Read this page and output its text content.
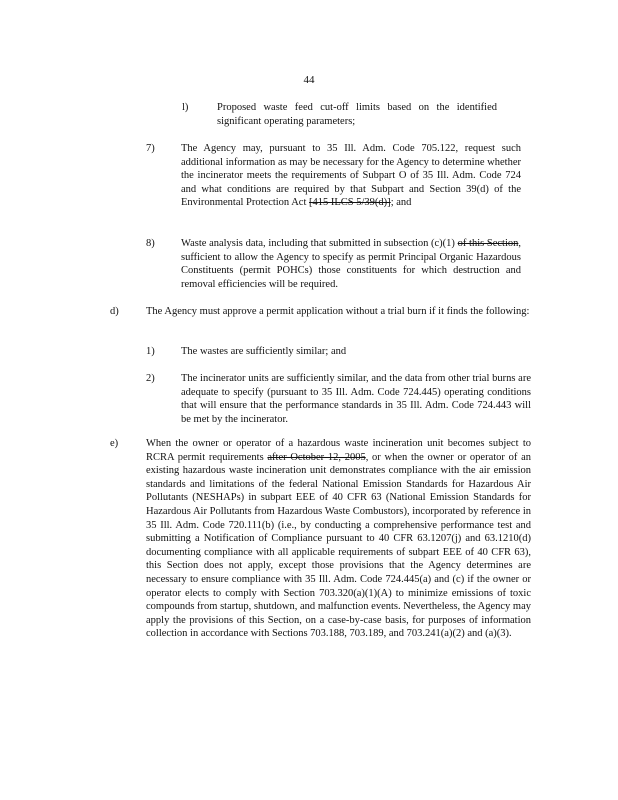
44
l)	Proposed waste feed cut-off limits based on the identified significant operating parameters;
7)	The Agency may, pursuant to 35 Ill. Adm. Code 705.122, request such additional information as may be necessary for the Agency to determine whether the incinerator meets the requirements of Subpart O of 35 Ill. Adm. Code 724 and what conditions are required by that Subpart and Section 39(d) of the Environmental Protection Act [415 ILCS 5/39(d)]; and
8)	Waste analysis data, including that submitted in subsection (c)(1) of this Section, sufficient to allow the Agency to specify as permit Principal Organic Hazardous Constituents (permit POHCs) those constituents for which destruction and removal efficiencies will be required.
d)	The Agency must approve a permit application without a trial burn if it finds the following:
1)	The wastes are sufficiently similar; and
2)	The incinerator units are sufficiently similar, and the data from other trial burns are adequate to specify (pursuant to 35 Ill. Adm. Code 724.445) operating conditions that will ensure that the performance standards in 35 Ill. Adm. Code 724.443 will be met by the incinerator.
e)	When the owner or operator of a hazardous waste incineration unit becomes subject to RCRA permit requirements after October 12, 2005, or when the owner or operator of an existing hazardous waste incineration unit demonstrates compliance with the air emission standards and limitations of the federal National Emission Standards for Hazardous Air Pollutants (NESHAPs) in subpart EEE of 40 CFR 63 (National Emission Standards for Hazardous Air Pollutants from Hazardous Waste Combustors), incorporated by reference in 35 Ill. Adm. Code 720.111(b) (i.e., by conducting a comprehensive performance test and submitting a Notification of Compliance pursuant to 40 CFR 63.1207(j) and 63.1210(d) documenting compliance with all applicable requirements of subpart EEE of 40 CFR 63), this Section does not apply, except those provisions that the Agency determines are necessary to ensure compliance with 35 Ill. Adm. Code 724.445(a) and (c) if the owner or operator elects to comply with Section 703.320(a)(1)(A) to minimize emissions of toxic compounds from startup, shutdown, and malfunction events. Nevertheless, the Agency may apply the provisions of this Section, on a case-by-case basis, for purposes of information collection in accordance with Sections 703.188, 703.189, and 703.241(a)(2) and (a)(3).
